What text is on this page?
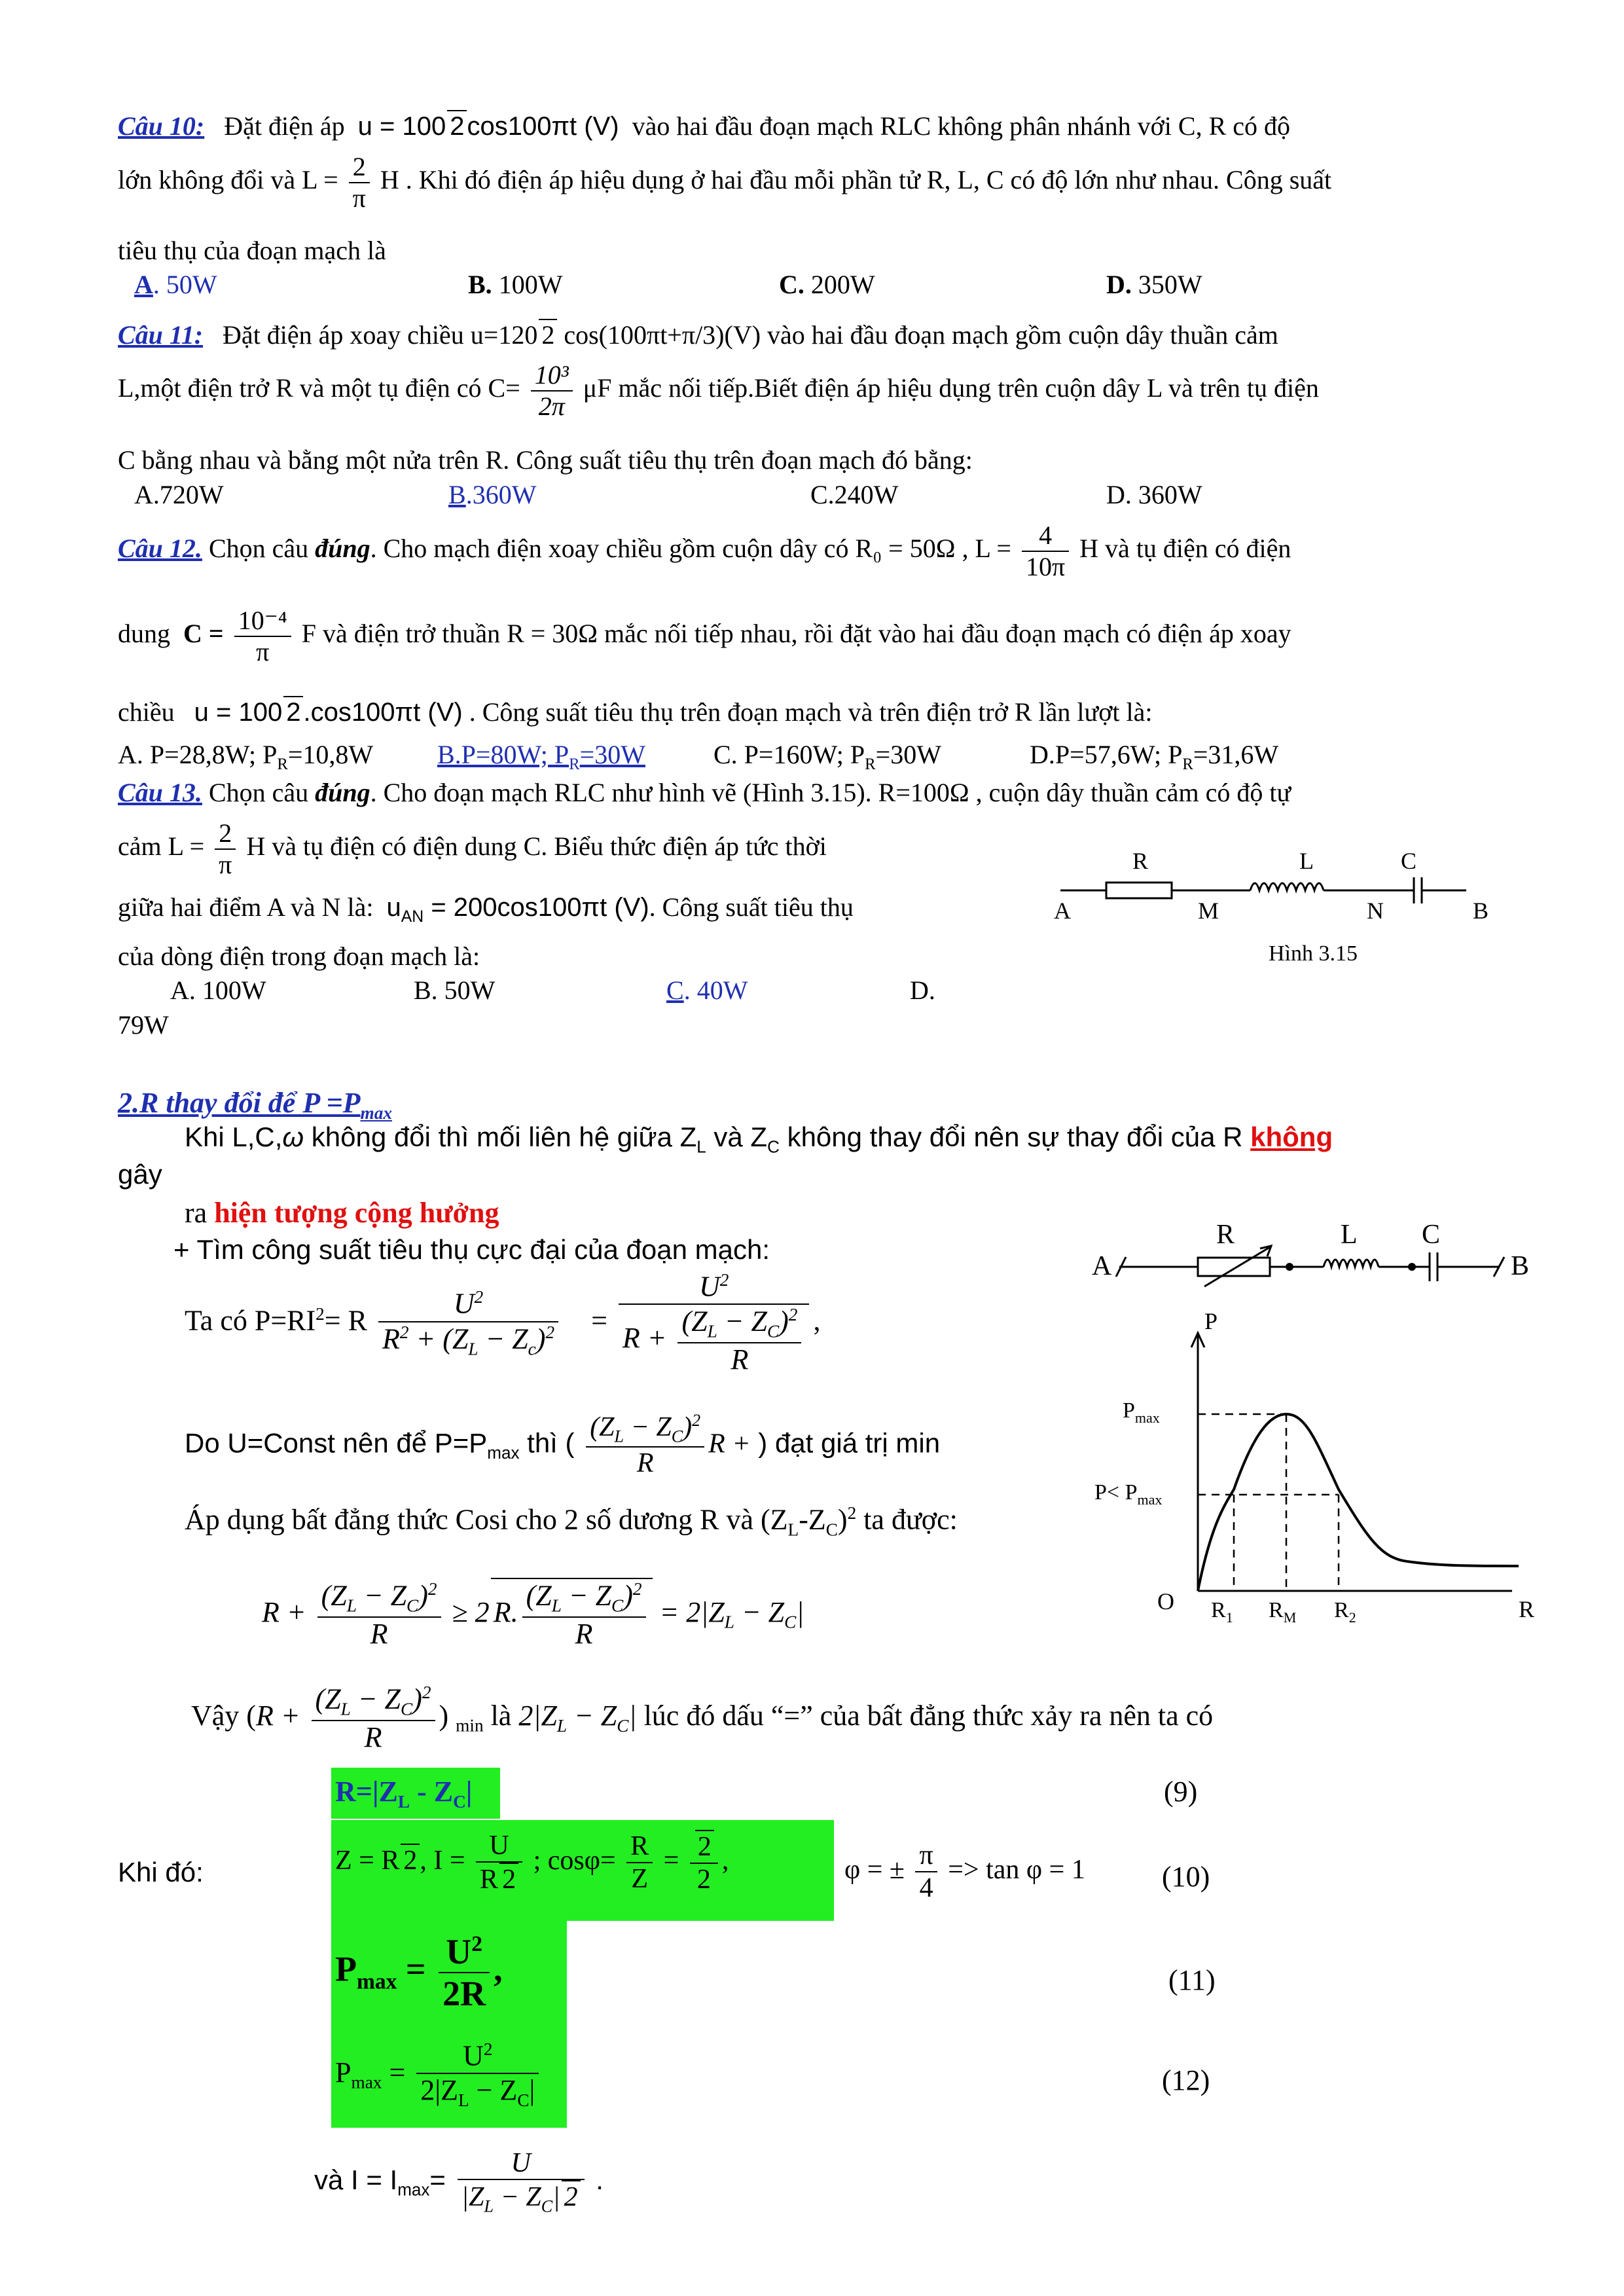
Câu 10: Đặt điện áp u = 100 2 cos100πt (V) vào hai đầu đoạn mạch RLC không phân nhánh với C, R có độ
lớn không đổi và $L = \frac{2}{\pi}$ H . Khi đó điện áp hiệu dụng ở hai đầu mỗi phần tử R, L, C có độ lớn như nhau. Công suất
tiêu thụ của đoạn mạch là
A. 50W	B. 100W	C. 200W	D. 350W
Câu 11: Đặt điện áp xoay chiều u=120 2 cos(100πt+π/3)(V) vào hai đầu đoạn mạch gồm cuộn dây thuần cảm
L,một điện trở R và một tụ điện có $C= \frac{\text{10³}}{2\pi}$ μF mắc nối tiếp.Biết điện áp hiệu dụng trên cuộn dây L và trên tụ điện
C bằng nhau và bằng một nửa trên R. Công suất tiêu thụ trên đoạn mạch đó bằng:
A.720W	B.360W	C.240W	D. 360W
Câu 12. Chọn câu đúng. Cho mạch điện xoay chiều gồm cuộn dây có R₀ = 50Ω , $L = \frac{4}{10\pi}$ H và tụ điện có điện
dung $C = \frac{\text{10⁻⁴}}{\pi}$ F và điện trở thuần R = 30Ω mắc nối tiếp nhau, rồi đặt vào hai đầu đoạn mạch có điện áp xoay
chiều u = 100 2 .cos100πt (V) . Công suất tiêu thụ trên đoạn mạch và trên điện trở R lần lượt là:
A. P=28,8W; $P_R=10,8W$ B.P=80W; $P_R=30W$	C. P=160W; $P_R=30W$	D.P=57,6W; $P_R=31,6W$
Câu 13. Chọn câu đúng. Cho đoạn mạch RLC như hình vẽ (Hình 3.15). R=100Ω , cuộn dây thuần cảm có độ tự
cảm $L = \frac{2}{\pi}$ H và tụ điện có điện dung C. Biểu thức điện áp tức thời
giữa hai điểm A và N là: $u_{AN} = 200\cos 100\pi t$ (V). Công suất tiêu thụ
của dòng điện trong đoạn mạch là:
A. 100W	B. 50W	C. 40W	D.
79W
R	L	C
A	M	N	B
Hình 3.15
2.R thay đổi để $P =P_{max}$
Khi L,C,ω không đổi thì mối liên hệ giữa $Z_L$ và $Z_C$ không thay đổi nên sự thay đổi của R không
gây
ra hiện tượng cộng hưởng
+ Tìm công suất tiêu thụ cực đại của đoạn mạch:
Ta có $P=RI^2= R \frac{U^2}{R^2 + (Z_L - Z_c)^2} = \frac{U^2}{R + \frac{(Z_L - Z_C)^2}{R}}$ ,
Do U=Const nên để $P=P_{max}$ thì ( $\frac{(Z_L - Z_C)^2}{R}$ R + ) đạt giá trị min
Áp dụng bất đẳng thức Cosi cho 2 số dương R và $(Z_L-Z_C)^2$ ta được:
$R + \frac{(Z_L - Z_C)^2}{R} \ge 2$ R. $\frac{(Z_L - Z_C)^2}{R} = 2|Z_L - Z_C|$
Vậy ($R + \frac{(Z_L - Z_C)^2}{R}$ ) $_{min}$ là $2|Z_L - Z_C|$ lúc đó dấu “=” của bất đẳng thức xảy ra nên ta có
$R=|Z_L - Z_C|$	(9)
Khi đó:	Z = R 2, $I = \frac{U}{R 2}$ ; $\cos\varphi= \frac{R}{Z} = \frac{2}{2}$ ,	φ = ± $\frac{\pi}{4} => \tan \varphi = 1$	(10)
$P_{max} = \frac{U^2}{2R}$ ,	(11)
$P_{max} = \frac{U^2}{2|Z_L - Z_C|}$	(12)
và $I = I_{max}= \frac{U}{|Z_L - Z_C| 2}$ .
A	B
R	L C
P
$P_{max}$
$P< P_{max}$
O $R_1$ $R_M$ $R_2$	R
